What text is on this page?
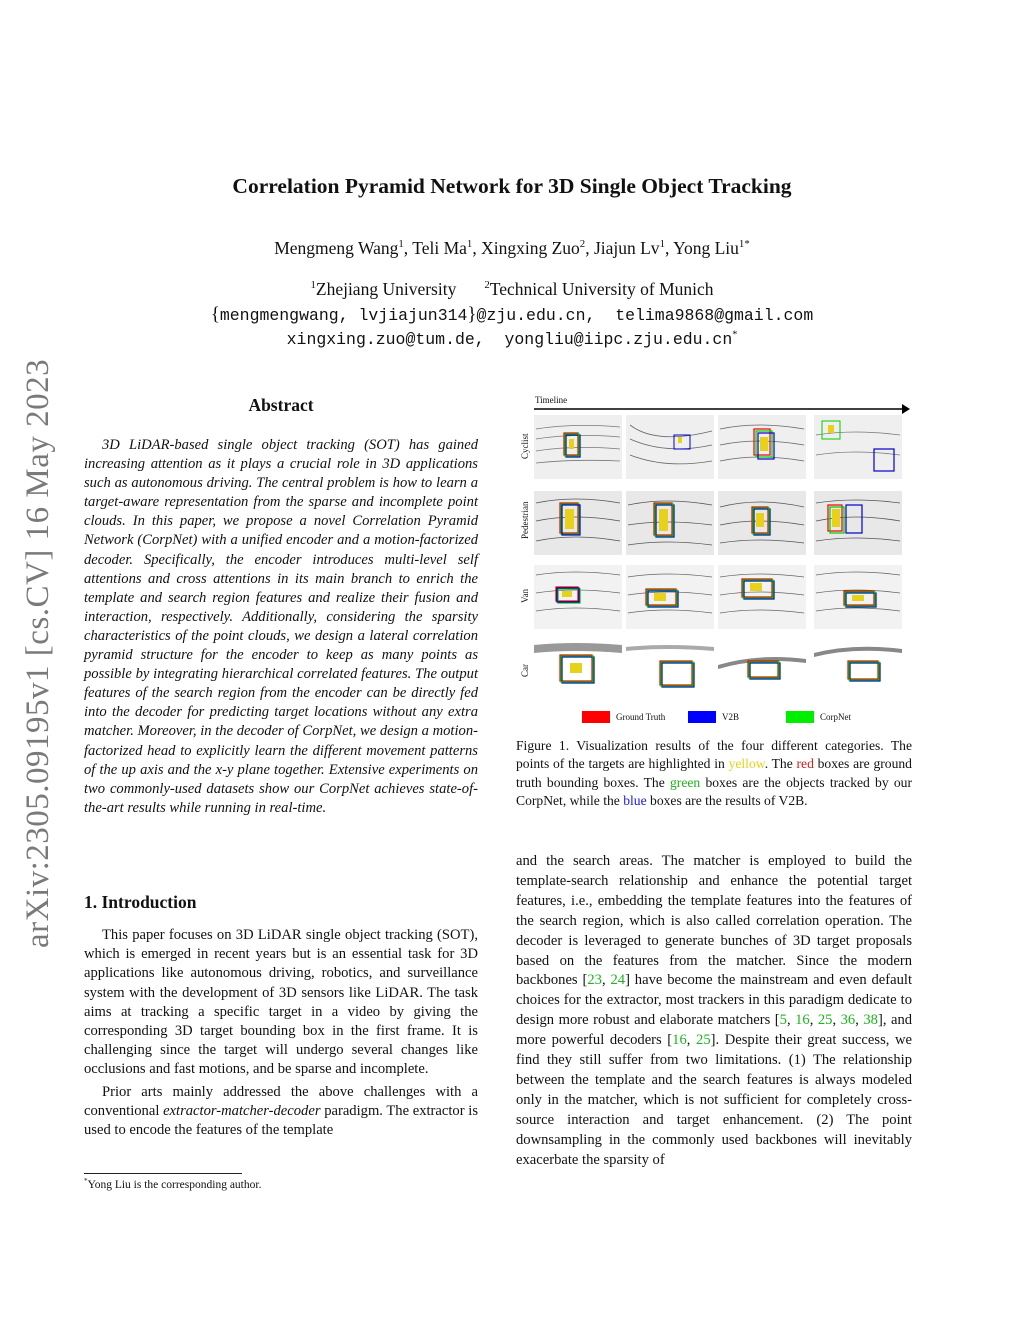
arXiv:2305.09195v1 [cs.CV] 16 May 2023
Correlation Pyramid Network for 3D Single Object Tracking
Mengmeng Wang$^1$, Teli Ma$^1$, Xingxing Zuo$^2$, Jiajun Lv$^1$, Yong Liu$^{1*}$
$^1$Zhejiang University	$^2$Technical University of Munich
{mengmengwang, lvjiajun314}@zju.edu.cn, telima9868@gmail.com
xingxing.zuo@tum.de, yongliu@iipc.zju.edu.cn*
Abstract

3D LiDAR-based single object tracking (SOT) has gained increasing attention as it plays a crucial role in 3D applications such as autonomous driving. The central problem is how to learn a target-aware representation from the sparse and incomplete point clouds. In this paper, we propose a novel Correlation Pyramid Network (CorpNet) with a unified encoder and a motion-factorized decoder. Specifically, the encoder introduces multi-level self attentions and cross attentions in its main branch to enrich the template and search region features and realize their fusion and interaction, respectively. Additionally, considering the sparsity characteristics of the point clouds, we design a lateral correlation pyramid structure for the encoder to keep as many points as possible by integrating hierarchical correlated features. The output features of the search region from the encoder can be directly fed into the decoder for predicting target locations without any extra matcher. Moreover, in the decoder of CorpNet, we design a motion-factorized head to explicitly learn the different movement patterns of the up axis and the x-y plane together. Extensive experiments on two commonly-used datasets show our CorpNet achieves state-of-the-art results while running in real-time.

1. Introduction

This paper focuses on 3D LiDAR single object tracking (SOT), which is emerged in recent years but is an essential task for 3D applications like autonomous driving, robotics, and surveillance system with the development of 3D sensors like LiDAR. The task aims at tracking a specific target in a video by giving the corresponding 3D target bounding box in the first frame. It is challenging since the target will undergo several changes like occlusions and fast motions, and be sparse and incomplete.

Prior arts mainly addressed the above challenges with a conventional extractor-matcher-decoder paradigm. The extractor is used to encode the features of the template

*Yong Liu is the corresponding author.
Timeline
Cyclist
Pedestrian
Van
Car
Ground Truth	V2B	CorpNet

Figure 1. Visualization results of the four different categories. The points of the targets are highlighted in yellow. The red boxes are ground truth bounding boxes. The green boxes are the objects tracked by our CorpNet, while the blue boxes are the results of V2B.

and the search areas. The matcher is employed to build the template-search relationship and enhance the potential target features, i.e., embedding the template features into the features of the search region, which is also called correlation operation. The decoder is leveraged to generate bunches of 3D target proposals based on the features from the matcher. Since the modern backbones [23, 24] have become the mainstream and even default choices for the extractor, most trackers in this paradigm dedicate to design more robust and elaborate matchers [5, 16, 25, 36, 38], and more powerful decoders [16, 25]. Despite their great success, we find they still suffer from two limitations. (1) The relationship between the template and the search features is always modeled only in the matcher, which is not sufficient for completely cross-source interaction and target enhancement. (2) The point downsampling in the commonly used backbones will inevitably exacerbate the sparsity of
